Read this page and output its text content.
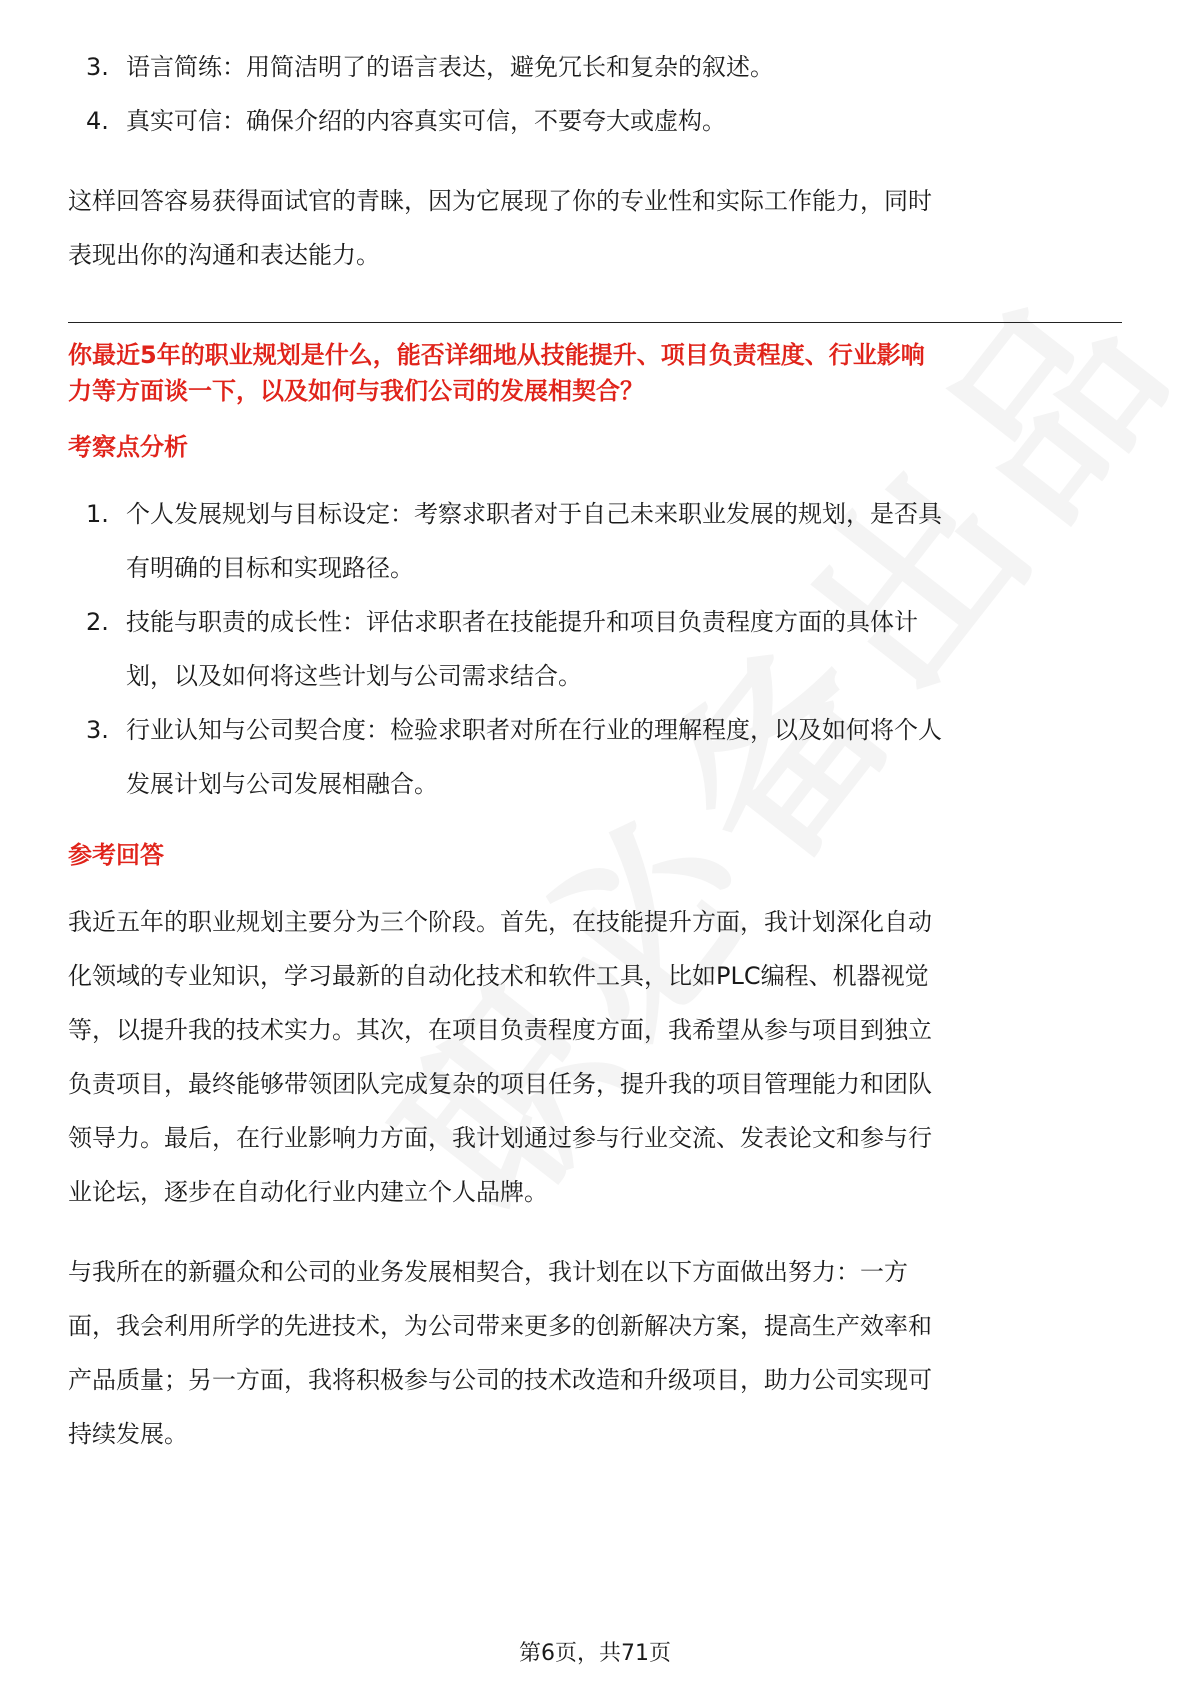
3. 语言简练：用简洁明了的语言表达，避免冗长和复杂的叙述。
4. 真实可信：确保介绍的内容真实可信，不要夸大或虚构。

这样回答容易获得面试官的青睐，因为它展现了你的专业性和实际工作能力，同时
表现出你的沟通和表达能力。

你最近5年的职业规划是什么，能否详细地从技能提升、项目负责程度、行业影响
力等方面谈一下，以及如何与我们公司的发展相契合？

考察点分析
1. 个人发展规划与目标设定：考察求职者对于自己未来职业发展的规划，是否具
有明确的目标和实现路径。
2. 技能与职责的成长性：评估求职者在技能提升和项目负责程度方面的具体计
划，以及如何将这些计划与公司需求结合。
3. 行业认知与公司契合度：检验求职者对所在行业的理解程度，以及如何将个人
发展计划与公司发展相融合。
参考回答

我近五年的职业规划主要分为三个阶段。首先，在技能提升方面，我计划深化自动
化领域的专业知识，学习最新的自动化技术和软件工具，比如PLC编程、机器视觉
等，以提升我的技术实力。其次，在项目负责程度方面，我希望从参与项目到独立
负责项目，最终能够带领团队完成复杂的项目任务，提升我的项目管理能力和团队
领导力。最后，在行业影响力方面，我计划通过参与行业交流、发表论文和参与行
业论坛，逐步在自动化行业内建立个人品牌。

与我所在的新疆众和公司的业务发展相契合，我计划在以下方面做出努力：一方
面，我会利用所学的先进技术，为公司带来更多的创新解决方案，提高生产效率和
产品质量；另一方面，我将积极参与公司的技术改造和升级项目，助力公司实现可
持续发展。

第6页，共71页
